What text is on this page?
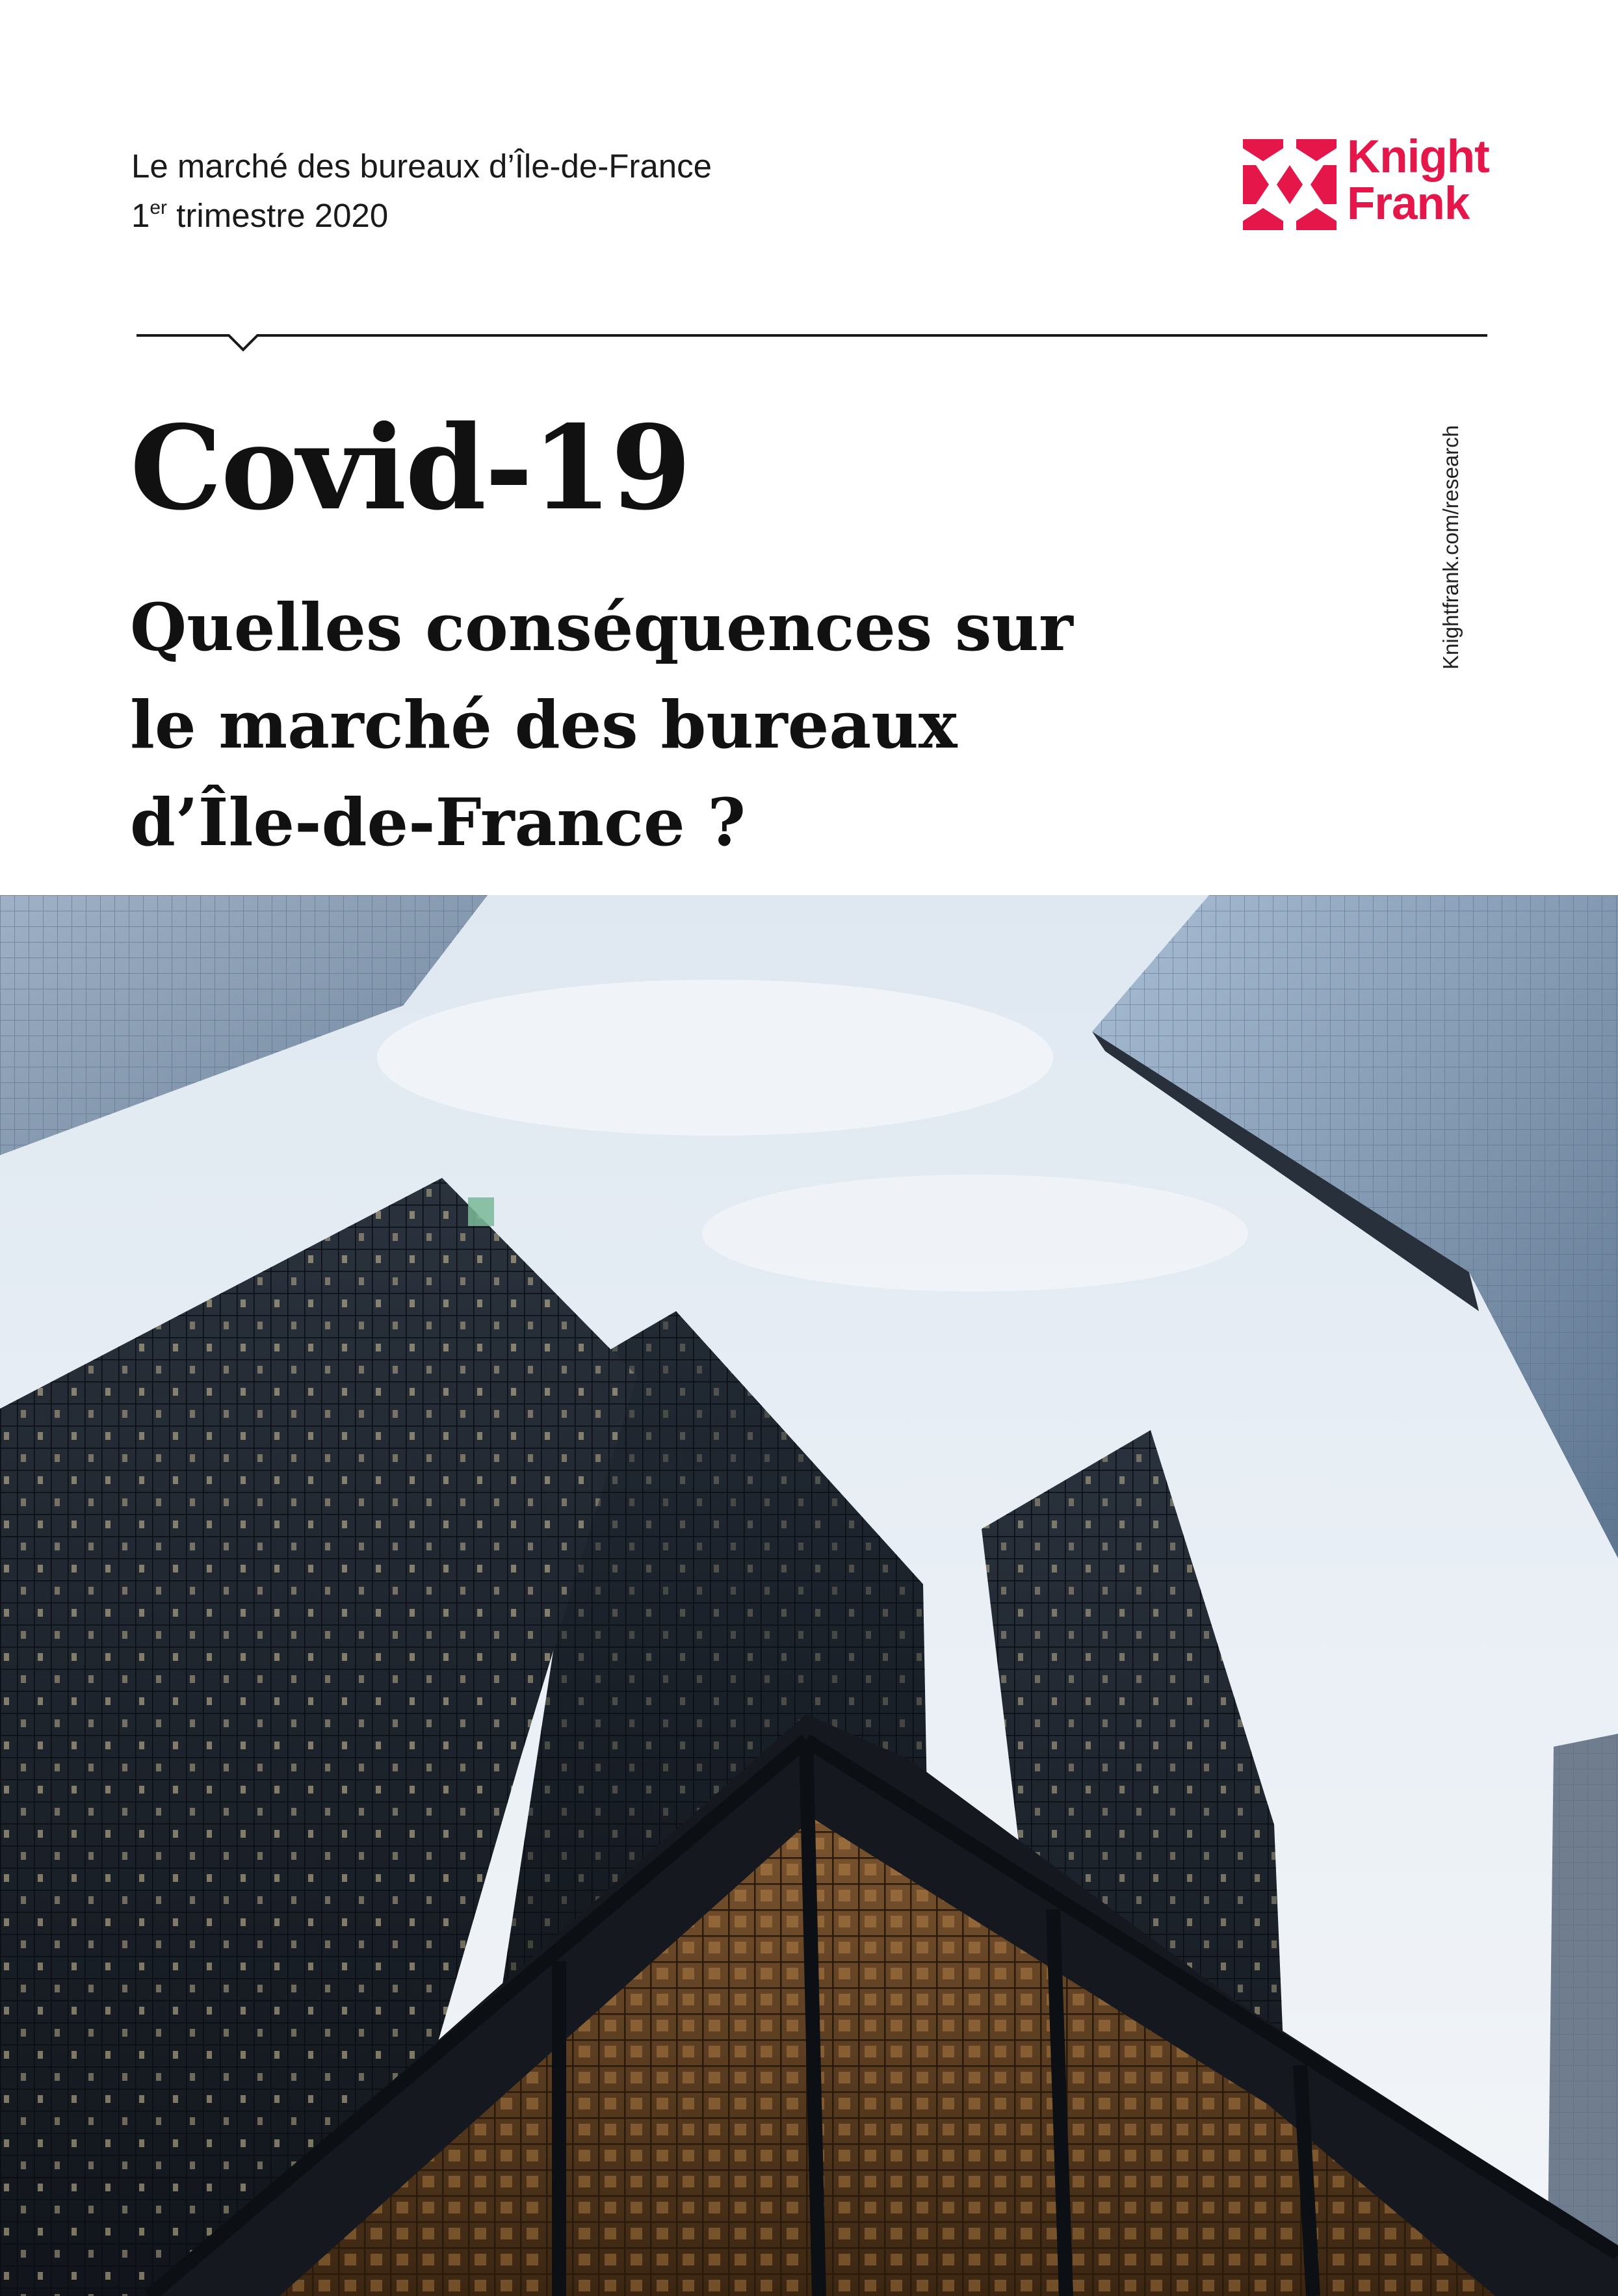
Le marché des bureaux d’Île-de-France
1er trimestre 2020
Knight
Frank
Covid-19
Quelles conséquences sur
le marché des bureaux
d’Île-de-France ?
Knightfrank.com/research
